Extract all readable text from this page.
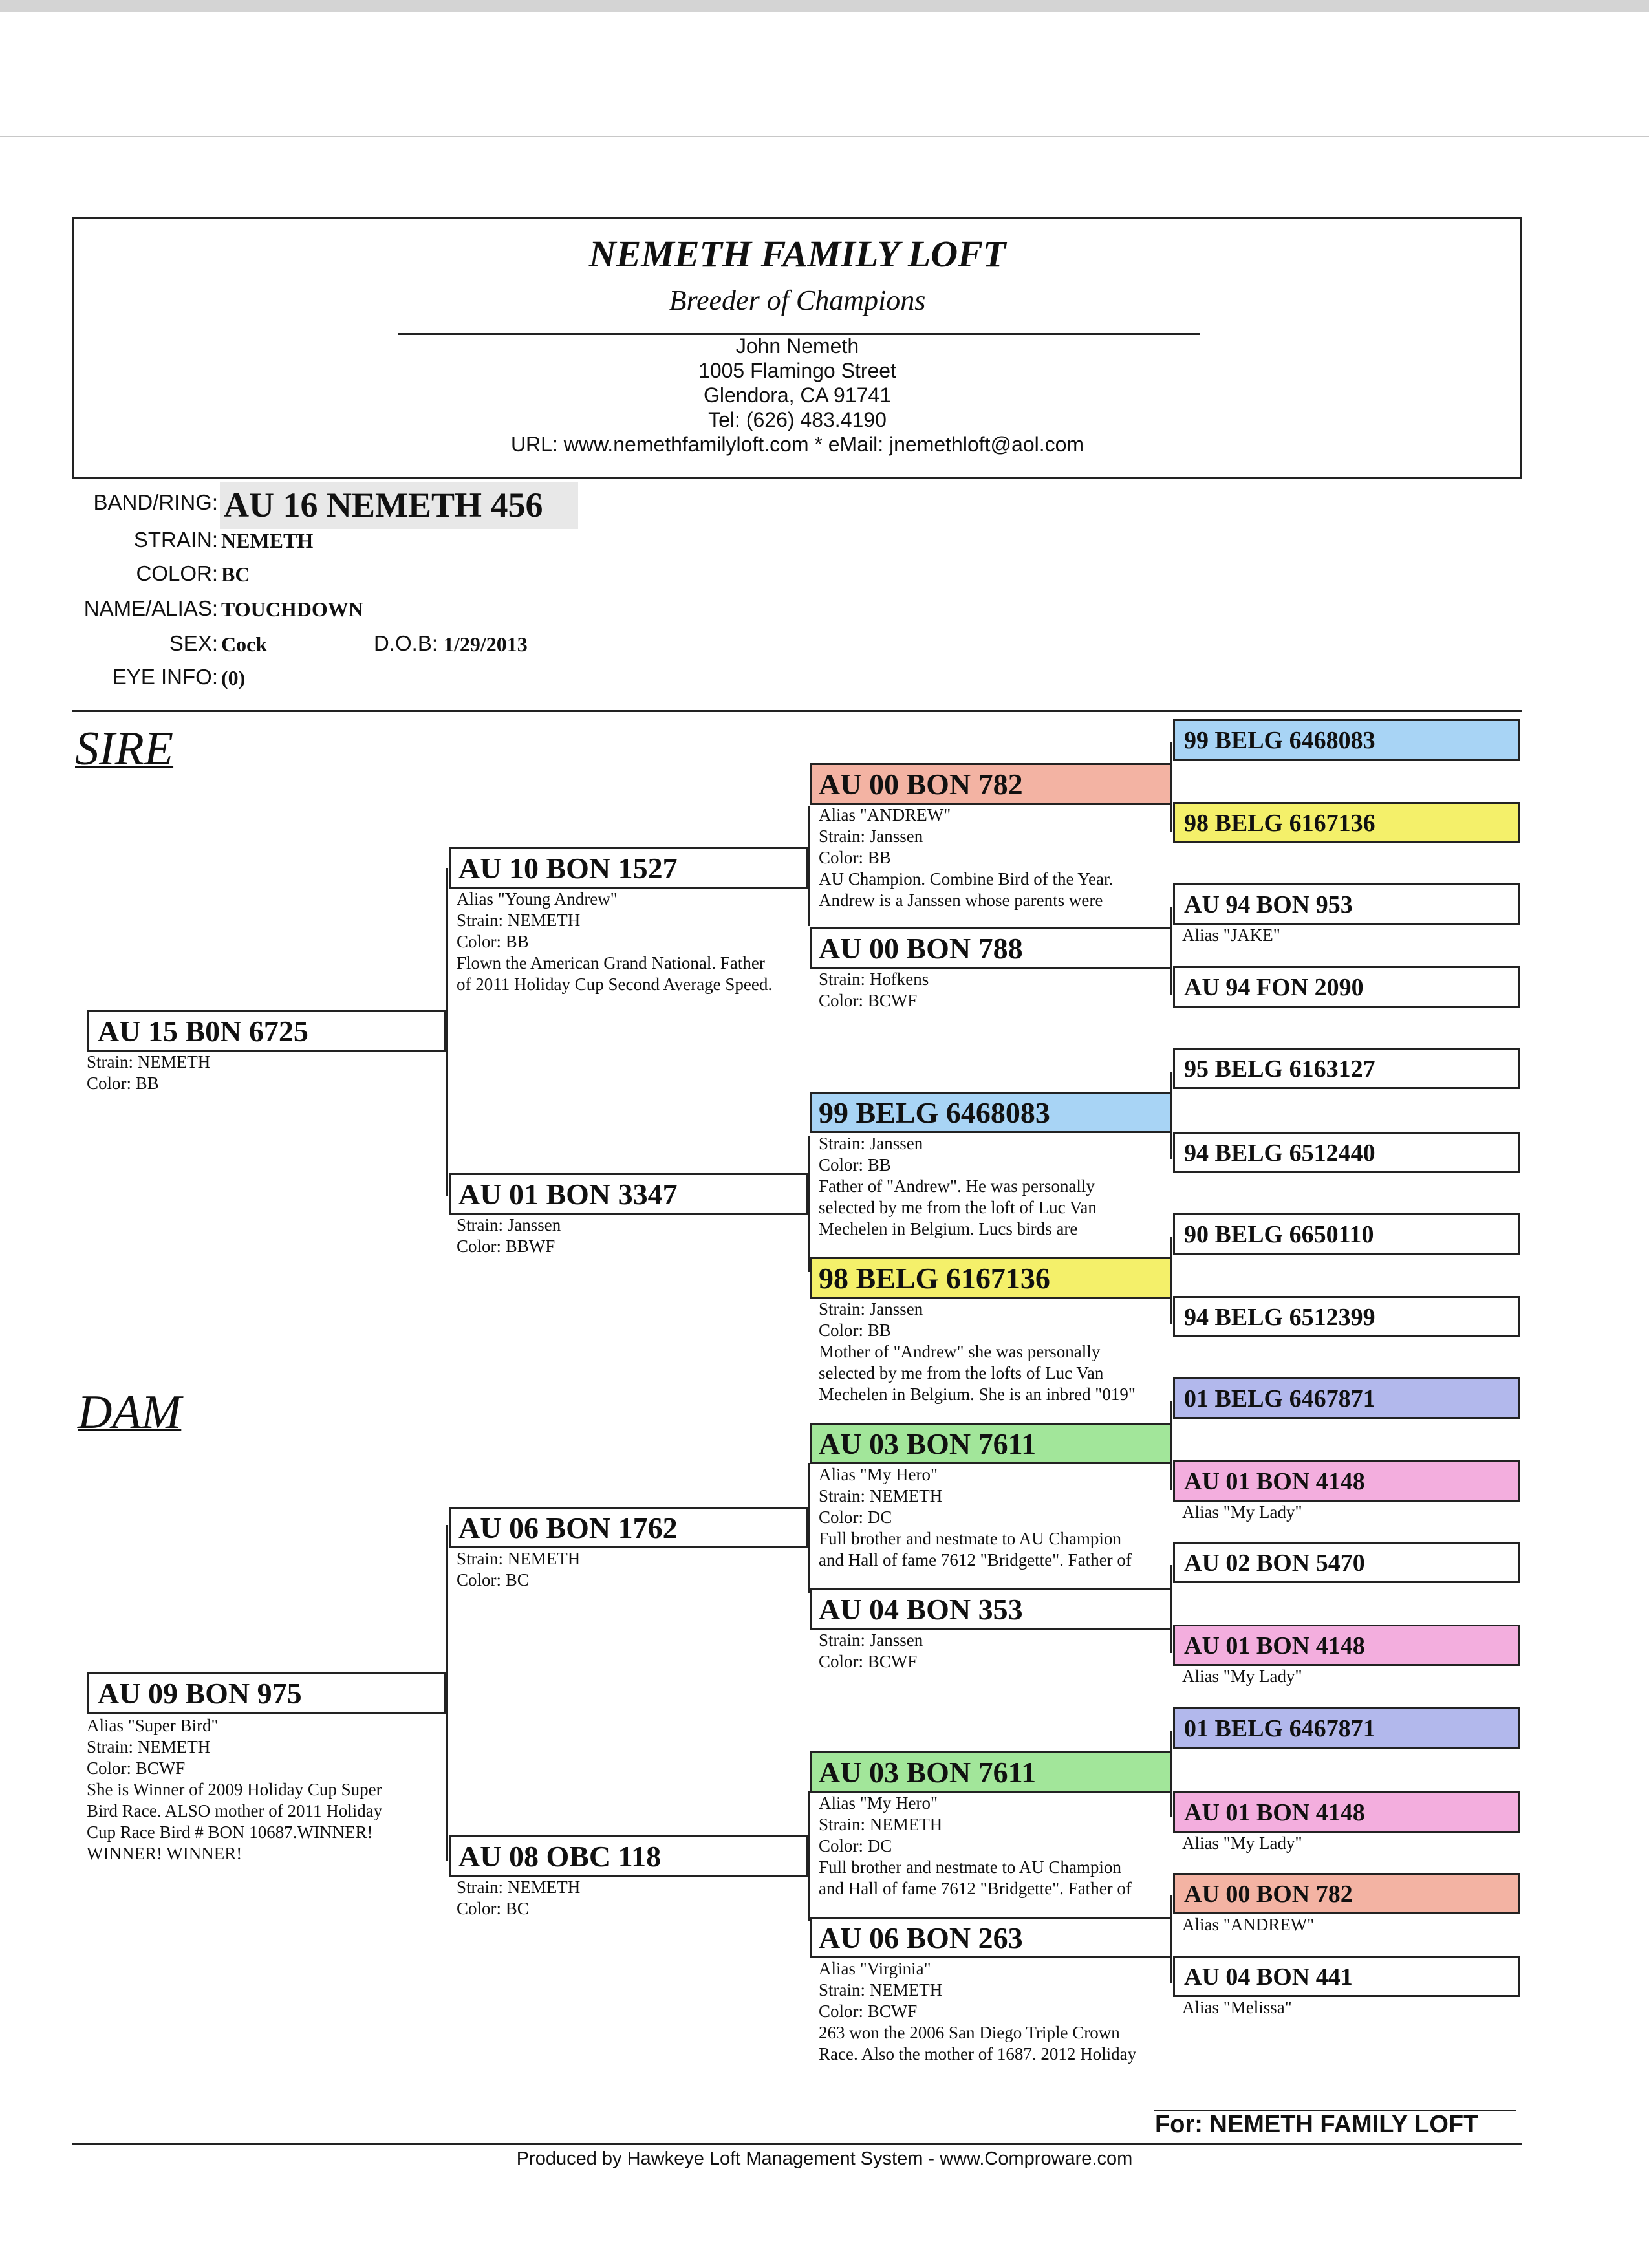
NEMETH FAMILY LOFT
Breeder of Champions
John Nemeth
1005 Flamingo Street
Glendora, CA 91741
Tel: (626) 483.4190
URL: www.nemethfamilyloft.com * eMail: jnemethloft@aol.com
BAND/RING: AU 16 NEMETH 456
STRAIN: NEMETH
COLOR: BC
NAME/ALIAS: TOUCHDOWN
SEX: Cock	D.O.B: 1/29/2013
EYE INFO: (0)
SIRE
DAM
AU 15 B0N 6725
Strain: NEMETH
Color: BB
AU 09 BON 975
Alias "Super Bird"
Strain: NEMETH
Color: BCWF
She is Winner of 2009 Holiday Cup Super
Bird Race. ALSO mother of 2011 Holiday
Cup Race Bird # BON 10687.WINNER!
WINNER! WINNER!
AU 10 BON 1527
Alias "Young Andrew"
Strain: NEMETH
Color: BB
Flown the American Grand National. Father
of 2011 Holiday Cup Second Average Speed.
AU 01 BON 3347
Strain: Janssen
Color: BBWF
AU 06 BON 1762
Strain: NEMETH
Color: BC
AU 08 OBC 118
Strain: NEMETH
Color: BC
AU 00 BON 782
Alias "ANDREW"
Strain: Janssen
Color: BB
AU Champion. Combine Bird of the Year.
Andrew is a Janssen whose parents were
AU 00 BON 788
Strain: Hofkens
Color: BCWF
99 BELG 6468083
Strain: Janssen
Color: BB
Father of "Andrew". He was personally
selected by me from the loft of Luc Van
Mechelen in Belgium. Lucs birds are
98 BELG 6167136
Strain: Janssen
Color: BB
Mother of "Andrew" she was personally
selected by me from the lofts of Luc Van
Mechelen in Belgium. She is an inbred "019"
AU 03 BON 7611
Alias "My Hero"
Strain: NEMETH
Color: DC
Full brother and nestmate to AU Champion
and Hall of fame 7612 "Bridgette". Father of
AU 04 BON 353
Strain: Janssen
Color: BCWF
AU 03 BON 7611
Alias "My Hero"
Strain: NEMETH
Color: DC
Full brother and nestmate to AU Champion
and Hall of fame 7612 "Bridgette". Father of
AU 06 BON 263
Alias "Virginia"
Strain: NEMETH
Color: BCWF
263 won the 2006 San Diego Triple Crown
Race. Also the mother of 1687. 2012 Holiday
99 BELG 6468083
98 BELG 6167136
AU 94 BON 953
Alias "JAKE"
AU 94 FON 2090
95 BELG 6163127
94 BELG 6512440
90 BELG 6650110
94 BELG 6512399
01 BELG 6467871
AU 01 BON 4148
Alias "My Lady"
AU 02 BON 5470
AU 01 BON 4148
Alias "My Lady"
01 BELG 6467871
AU 01 BON 4148
Alias "My Lady"
AU 00 BON 782
Alias "ANDREW"
AU 04 BON 441
Alias "Melissa"
For: NEMETH FAMILY LOFT
Produced by Hawkeye Loft Management System - www.Comproware.com
